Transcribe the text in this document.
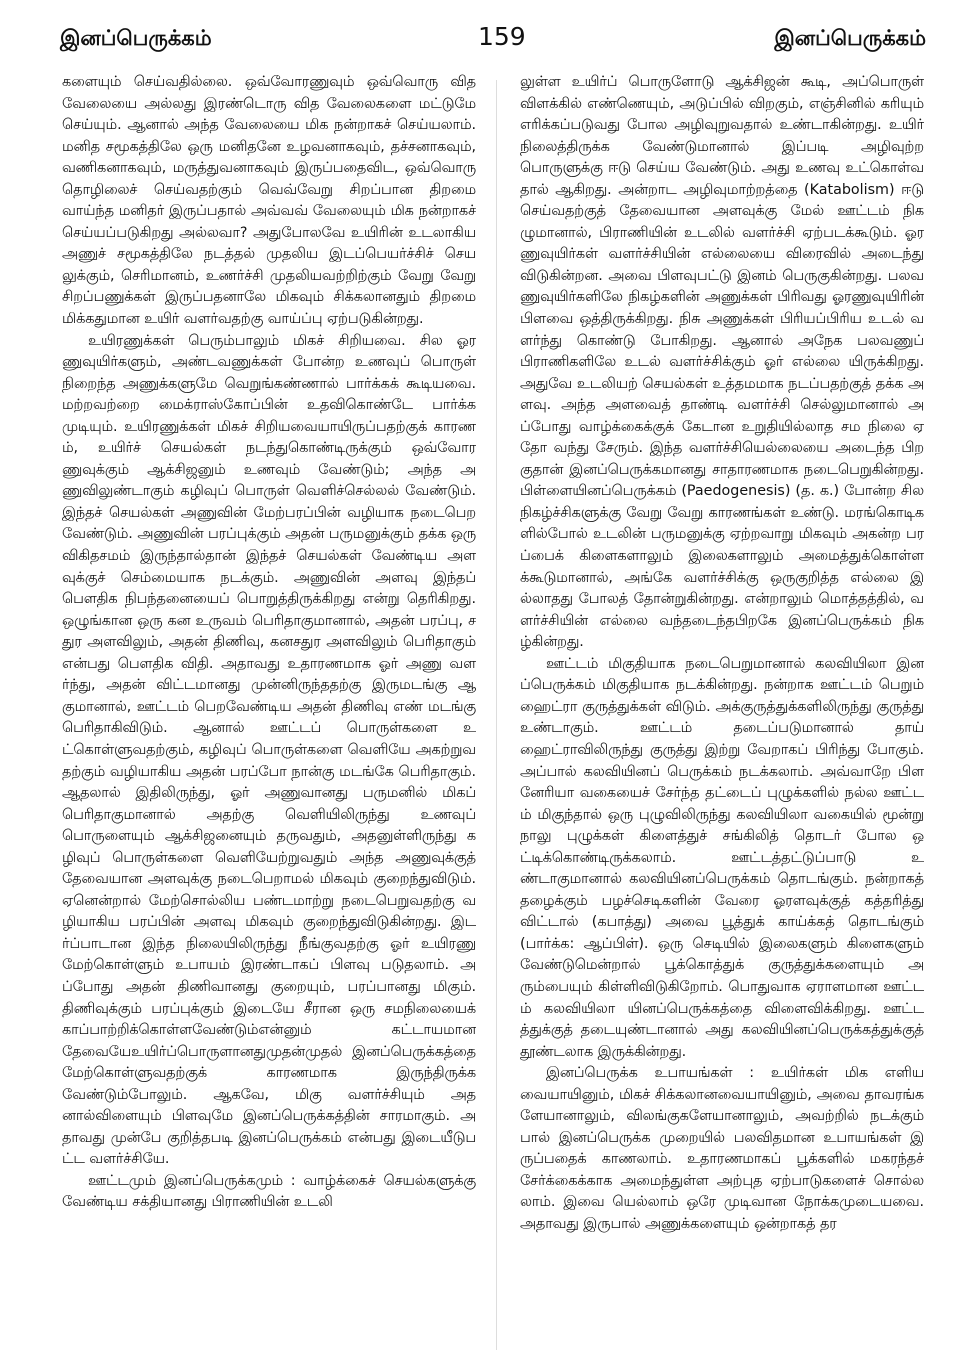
இனப்பெருக்கம்	159	இனப்பெருக்கம்

களையும் செய்வதில்லை. ஒவ்வோரணுவும் ஒவ்வொரு வித வேலையை அல்லது இரண்டொரு வித வேலைகளை மட்டுமே செய்யும். ஆனால் அந்த வேலையை மிக நன்றாகச் செய்யலாம். மனித சமூகத்திலே ஒரு மனிதனே உழவனாகவும், தச்சனாகவும், வணிகனாகவும், மருத்துவனாகவும் இருப்பதைவிட, ஒவ்வொரு தொழிலைச் செய்வதற்கும் வெவ்வேறு சிறப்பான திறமை வாய்ந்த மனிதர் இருப்பதால் அவ்வவ் வேலையும் மிக நன்றாகச் செய்யப்படுகிறது அல்லவா? அதுபோலவே உயிரின் உடலாகிய அணுச் சமூகத்திலே நடத்தல் முதலிய இடப்பெயர்ச்சிச் செயலுக்கும், செரிமானம், உணர்ச்சி முதலியவற்றிற்கும் வேறு வேறு சிறப்பணுக்கள் இருப்பதனாலே மிகவும் சிக்கலானதும் திறமை மிக்கதுமான உயிர் வளர்வதற்கு வாய்ப்பு ஏற்படுகின்றது.

உயிரணுக்கள் பெரும்பாலும் மிகச் சிறியவை. சில ஓரணுவுயிர்களும், அண்டவணுக்கள் போன்ற உணவுப் பொருள் நிறைந்த அணுக்களுமே வெறுங்கண்ணால் பார்க்கக் கூடியவை. மற்றவற்றை மைக்ராஸ்கோப்பின் உதவிகொண்டே பார்க்கமுடியும். உயிரணுக்கள் மிகச் சிறியவையாயிருப்பதற்குக் காரணம், உயிர்ச் செயல்கள் நடந்துகொண்டிருக்கும் ஒவ்வோரணுவுக்கும் ஆக்சிஜனும் உணவும் வேண்டும்; அந்த அணுவிலுண்டாகும் கழிவுப் பொருள் வெளிச்செல்லல் வேண்டும். இந்தச் செயல்கள் அணுவின் மேற்பரப்பின் வழியாக நடைபெறவேண்டும். அணுவின் பரப்புக்கும் அதன் பருமனுக்கும் தக்க ஒரு விகிதசமம் இருந்தால்தான் இந்தச் செயல்கள் வேண்டிய அளவுக்குச் செம்மையாக நடக்கும். அணுவின் அளவு இந்தப் பௌதிக நிபந்தனையைப் பொறுத்திருக்கிறது என்று தெரிகிறது. ஒழுங்கான ஒரு கன உருவம் பெரிதாகுமானால், அதன் பரப்பு, சதுர அளவிலும், அதன் திணிவு, கனசதுர அளவிலும் பெரிதாகும் என்பது பௌதிக விதி. அதாவது உதாரணமாக ஓர் அணு வளர்ந்து, அதன் விட்டமானது முன்னிருந்ததற்கு இருமடங்கு ஆகுமானால், ஊட்டம் பெறவேண்டிய அதன் திணிவு எண் மடங்கு பெரிதாகிவிடும். ஆனால் ஊட்டப் பொருள்களை உட்கொள்ளுவதற்கும், கழிவுப் பொருள்களை வெளியே அகற்றுவதற்கும் வழியாகிய அதன் பரப்போ நான்கு மடங்கே பெரிதாகும். ஆதலால் இதிலிருந்து, ஓர் அணுவானது பருமனில் மிகப் பெரிதாகுமானால் அதற்கு வெளியிலிருந்து உணவுப் பொருளையும் ஆக்சிஜனையும் தருவதும், அதனுள்ளிருந்து கழிவுப் பொருள்களை வெளியேற்றுவதும் அந்த அணுவுக்குத் தேவையான அளவுக்கு நடைபெறாமல் மிகவும் குறைந்துவிடும். ஏனென்றால் மேற்சொல்லிய பண்டமாற்று நடைபெறுவதற்கு வழியாகிய பரப்பின் அளவு மிகவும் குறைந்துவிடுகின்றது. இடர்ப்பாடான இந்த நிலையிலிருந்து நீங்குவதற்கு ஓர் உயிரணு மேற்கொள்ளும் உபாயம் இரண்டாகப் பிளவு படுதலாம். அப்போது அதன் திணிவானது குறையும், பரப்பானது மிகும். திணிவுக்கும் பரப்புக்கும் இடையே சீரான ஒரு சமநிலையைக் காப்பாற்றிக்கொள்ளவேண்டும்என்னும் கட்டாயமானதேவையேஉயிர்ப்பொருளானதுமுதன்முதல் இனப்பெருக்கத்தை மேற்கொள்ளுவதற்குக் காரணமாக இருந்திருக்கவேண்டும்போலும். ஆகவே, மிகு வளர்ச்சியும் அதனால்விளையும் பிளவுமே இனப்பெருக்கத்தின் சாரமாகும். அதாவது முன்பே குறித்தபடி இனப்பெருக்கம் என்பது இடையீடுபட்ட வளர்ச்சியே.

ஊட்டமும் இனப்பெருக்கமும் : வாழ்க்கைச் செயல்களுக்கு வேண்டிய சக்தியானது பிராணியின் உடலி

லுள்ள உயிர்ப் பொருளோடு ஆக்சிஜன் கூடி, அப்பொருள் விளக்கில் எண்ணெயும், அடுப்பில் விறகும், எஞ்சினில் கரியும் எரிக்கப்படுவது போல அழிவுறுவதால் உண்டாகின்றது. உயிர் நிலைத்திருக்க வேண்டுமானால் இப்படி அழிவுற்ற பொருளுக்கு ஈடு செய்ய வேண்டும். அது உணவு உட்கொள்வதால் ஆகிறது. அன்றாட அழிவுமாற்றத்தை (Katabolism) ஈடு செய்வதற்குத் தேவையான அளவுக்கு மேல் ஊட்டம் நிகழுமானால், பிராணியின் உடலில் வளர்ச்சி ஏற்படக்கூடும். ஓரணுவுயிர்கள் வளர்ச்சியின் எல்லையை விரைவில் அடைந்து விடுகின்றன. அவை பிளவுபட்டு இனம் பெருகுகின்றது. பலவணுவுயிர்களிலே நிகழ்களின் அணுக்கள் பிரிவது ஓரணுவுயிரின் பிளவை ஒத்திருக்கிறது. நிசு அணுக்கள் பிரியப்பிரிய உடல் வளர்ந்து கொண்டு போகிறது. ஆனால் அநேக பலவணுப் பிராணிகளிலே உடல் வளர்ச்சிக்கும் ஓர் எல்லை யிருக்கிறது. அதுவே உடலியற் செயல்கள் உத்தமமாக நடப்பதற்குத் தக்க அளவு. அந்த அளவைத் தாண்டி வளர்ச்சி செல்லுமானால் அப்போது வாழ்க்கைக்குக் கேடான உறுதியில்லாத சம நிலை ஏதோ வந்து சேரும். இந்த வளர்ச்சியெல்லையை அடைந்த பிறகுதான் இனப்பெருக்கமானது சாதாரணமாக நடைபெறுகின்றது. பிள்ளையினப்பெருக்கம் (Paedogenesis) (த. க.) போன்ற சில நிகழ்ச்சிகளுக்கு வேறு வேறு காரணங்கள் உண்டு. மரங்கொடிகளில்போல் உடலின் பருமனுக்கு ஏற்றவாறு மிகவும் அகன்ற பரப்பைக் கிளைகளாலும் இலைகளாலும் அமைத்துக்கொள்ளக்கூடுமானால், அங்கே வளர்ச்சிக்கு ஒருகுறித்த எல்லை இல்லாதது போலத் தோன்றுகின்றது. என்றாலும் மொத்தத்தில், வளர்ச்சியின் எல்லை வந்தடைந்தபிறகே இனப்பெருக்கம் நிகழ்கின்றது.

ஊட்டம் மிகுதியாக நடைபெறுமானால் கலவியிலா இனப்பெருக்கம் மிகுதியாக நடக்கின்றது. நன்றாக ஊட்டம் பெறும் ஹைட்ரா குருத்துக்கள் விடும். அக்குருத்துக்களிலிருந்து குருத்து உண்டாகும். ஊட்டம் தடைப்படுமானால் தாய் ஹைட்ராவிலிருந்து குருத்து இற்று வேறாகப் பிரிந்து போகும். அப்பால் கலவியினப் பெருக்கம் நடக்கலாம். அவ்வாறே பிளனேரியா வகையைச் சேர்ந்த தட்டைப் புழுக்களில் நல்ல ஊட்டம் மிகுந்தால் ஒரு புழுவிலிருந்து கலவியிலா வகையில் மூன்று நாலு புழுக்கள் கிளைத்துச் சங்கிலித் தொடர் போல ஒட்டிக்கொண்டிருக்கலாம். ஊட்டத்தட்டுப்பாடு உண்டாகுமானால் கலவியினப்பெருக்கம் தொடங்கும். நன்றாகத் தழைக்கும் பழச்செடிகளின் வேரை ஓரளவுக்குத் கத்தரித்து விட்டால் (கபாத்து) அவை பூத்துக் காய்க்கத் தொடங்கும் (பார்க்க: ஆப்பிள்). ஒரு செடியில் இலைகளும் கிளைகளும் வேண்டுமென்றால் பூக்கொத்துக் குருத்துக்களையும் அரும்பையும் கிள்ளிவிடுகிறோம். பொதுவாக ஏராளமான ஊட்டம் கலவியிலா யினப்பெருக்கத்தை விளைவிக்கிறது. ஊட்டத்துக்குத் தடையுண்டானால் அது கலவியினப்பெருக்கத்துக்குத் தூண்டலாக இருக்கின்றது.

இனப்பெருக்க உபாயங்கள் : உயிர்கள் மிக எளியவையாயினும், மிகச் சிக்கலானவையாயினும், அவை தாவரங்களேயானாலும், விலங்குகளேயானாலும், அவற்றில் நடக்கும் பால் இனப்பெருக்க முறையில் பலவிதமான உபாயங்கள் இருப்பதைக் காணலாம். உதாரணமாகப் பூக்களில் மகரந்தச் சேர்க்கைக்காக அமைந்துள்ள அற்புத ஏற்பாடுகளைச் சொல்லலாம். இவை யெல்லாம் ஒரே முடிவான நோக்கமுடையவை. அதாவது இருபால் அணுக்களையும் ஒன்றாகத் தர
